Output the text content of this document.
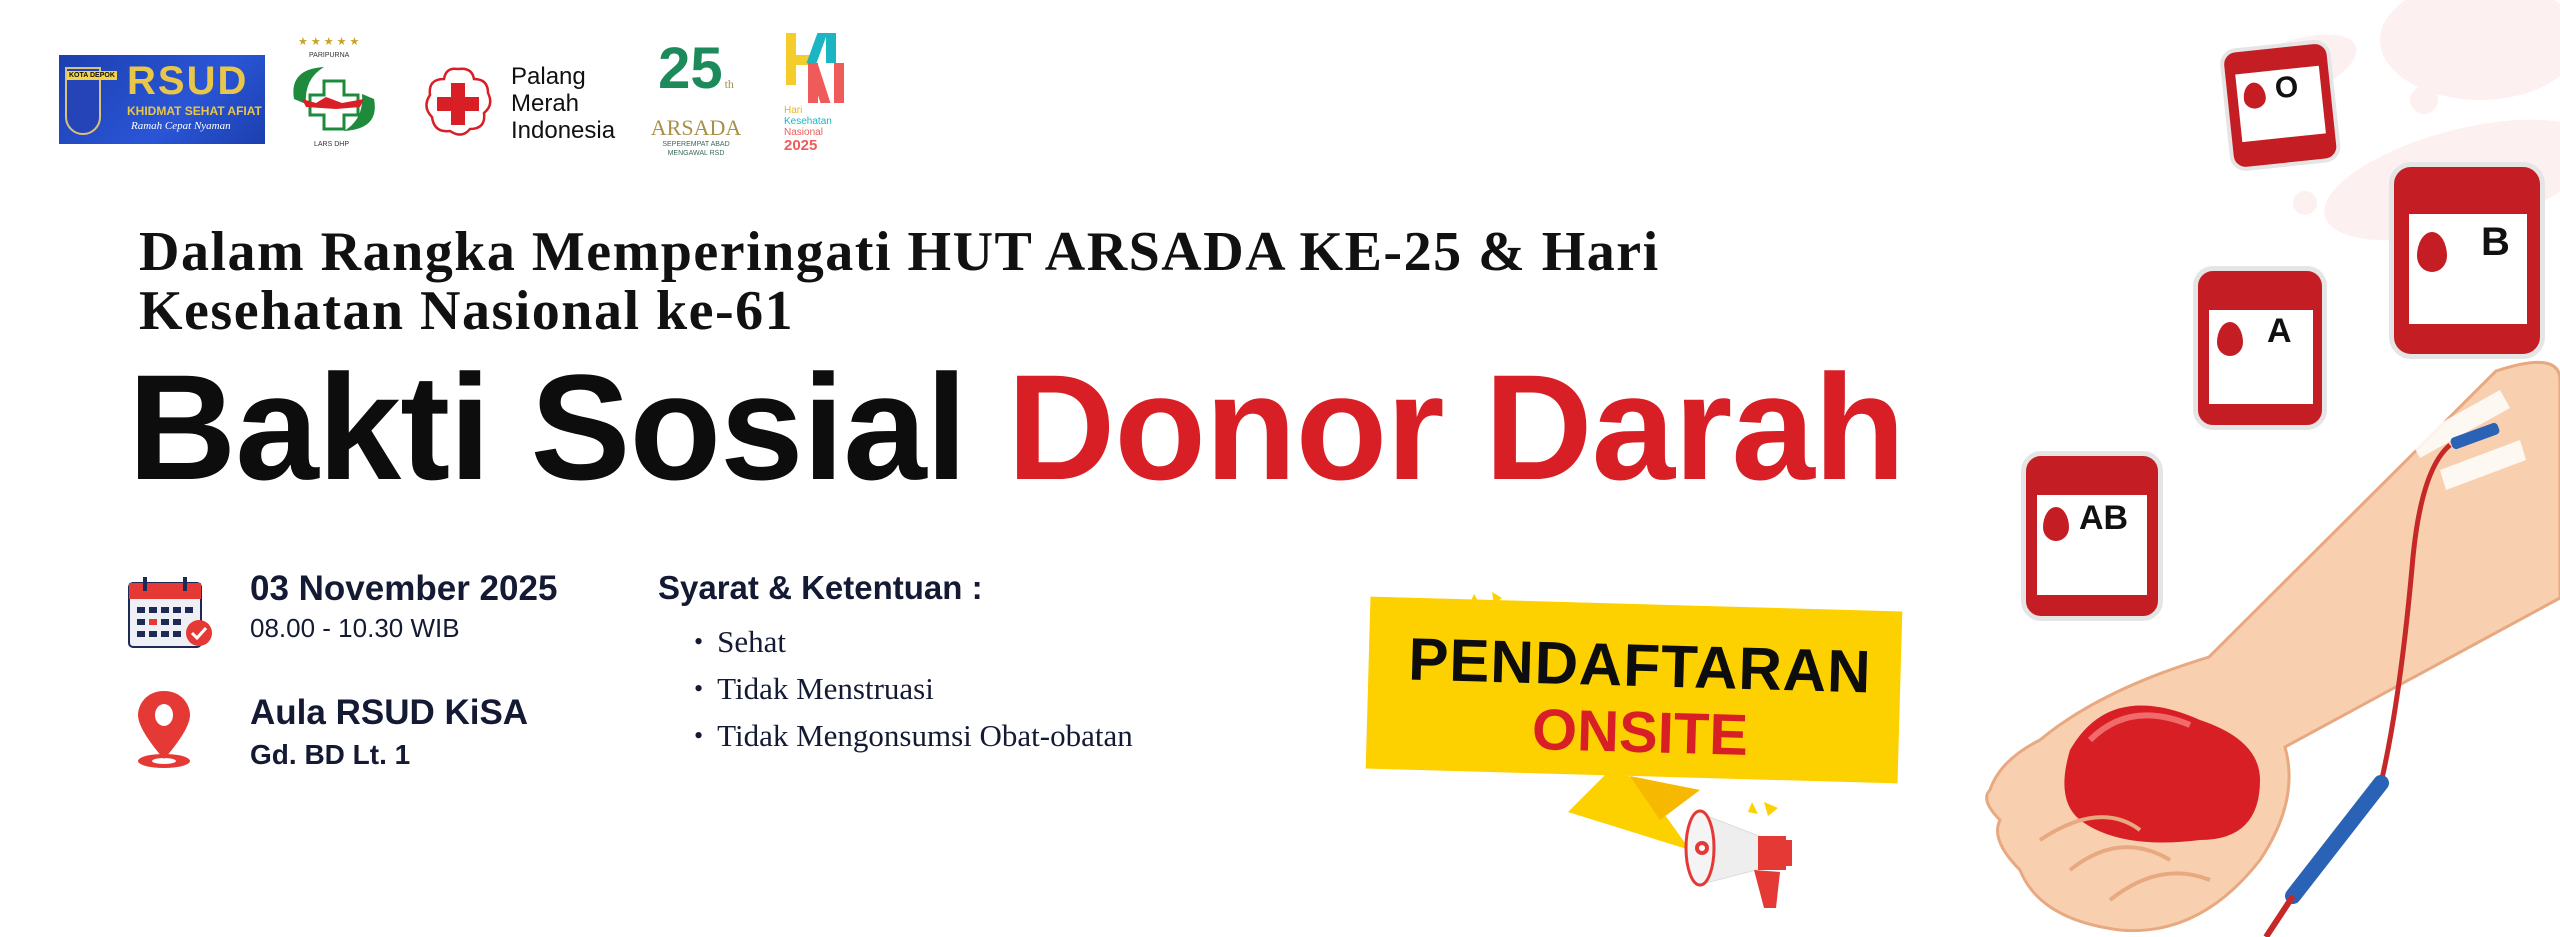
KOTA DEPOK RSUD
KHIDMAT SEHAT AFIAT
Ramah Cepat Nyaman
★★★★★
PARIPURNA
LARS DHP
Palang
Merah
Indonesia
25 th
ARSADA
SEPEREMPAT ABAD
MENGAWAL RSD
Hari
Kesehatan
Nasional
2025
Dalam Rangka Memperingati HUT ARSADA KE-25 & Hari
Kesehatan Nasional ke-61
Bakti Sosial Donor Darah
03 November 2025
08.00 - 10.30 WIB
Aula RSUD KiSA
Gd. BD Lt. 1
Syarat & Ketentuan :
• Sehat
• Tidak Menstruasi
• Tidak Mengonsumsi Obat-obatan
PENDAFTARAN
ONSITE
O
B
A
AB
